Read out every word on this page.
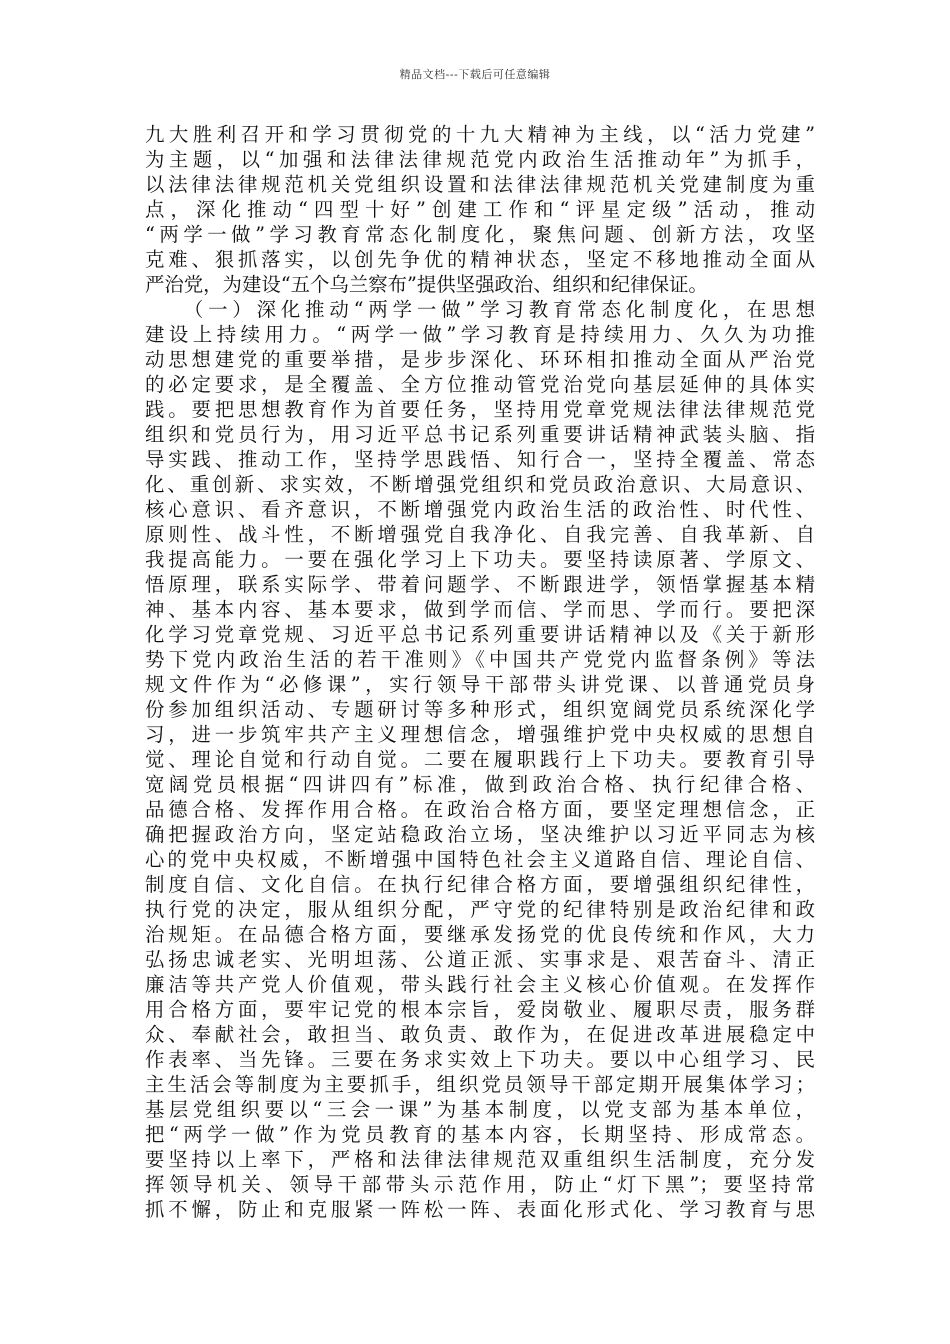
精品文档---下载后可任意编辑
九大胜利召开和学习贯彻党的十九大精神为主线，以“活力党建”
为主题，以“加强和法律法律规范党内政治生活推动年”为抓手，
以法律法律规范机关党组织设置和法律法律规范机关党建制度为重
点，深化推动“四型十好”创建工作和“评星定级”活动，推动
“两学一做”学习教育常态化制度化，聚焦问题、创新方法，攻坚
克难、狠抓落实，以创先争优的精神状态，坚定不移地推动全面从
严治党，为建设“五个乌兰察布”提供坚强政治、组织和纪律保证。
　　（一）深化推动“两学一做”学习教育常态化制度化，在思想
建设上持续用力。“两学一做”学习教育是持续用力、久久为功推
动思想建党的重要举措，是步步深化、环环相扣推动全面从严治党
的必定要求，是全覆盖、全方位推动管党治党向基层延伸的具体实
践。要把思想教育作为首要任务，坚持用党章党规法律法律规范党
组织和党员行为，用习近平总书记系列重要讲话精神武装头脑、指
导实践、推动工作，坚持学思践悟、知行合一，坚持全覆盖、常态
化、重创新、求实效，不断增强党组织和党员政治意识、大局意识、
核心意识、看齐意识，不断增强党内政治生活的政治性、时代性、
原则性、战斗性，不断增强党自我净化、自我完善、自我革新、自
我提高能力。一要在强化学习上下功夫。要坚持读原著、学原文、
悟原理，联系实际学、带着问题学、不断跟进学，领悟掌握基本精
神、基本内容、基本要求，做到学而信、学而思、学而行。要把深
化学习党章党规、习近平总书记系列重要讲话精神以及《关于新形
势下党内政治生活的若干准则》《中国共产党党内监督条例》等法
规文件作为“必修课”，实行领导干部带头讲党课、以普通党员身
份参加组织活动、专题研讨等多种形式，组织宽阔党员系统深化学
习，进一步筑牢共产主义理想信念，增强维护党中央权威的思想自
觉、理论自觉和行动自觉。二要在履职践行上下功夫。要教育引导
宽阔党员根据“四讲四有”标准，做到政治合格、执行纪律合格、
品德合格、发挥作用合格。在政治合格方面，要坚定理想信念，正
确把握政治方向，坚定站稳政治立场，坚决维护以习近平同志为核
心的党中央权威，不断增强中国特色社会主义道路自信、理论自信、
制度自信、文化自信。在执行纪律合格方面，要增强组织纪律性，
执行党的决定，服从组织分配，严守党的纪律特别是政治纪律和政
治规矩。在品德合格方面，要继承发扬党的优良传统和作风，大力
弘扬忠诚老实、光明坦荡、公道正派、实事求是、艰苦奋斗、清正
廉洁等共产党人价值观，带头践行社会主义核心价值观。在发挥作
用合格方面，要牢记党的根本宗旨，爱岗敬业、履职尽责，服务群
众、奉献社会，敢担当、敢负责、敢作为，在促进改革进展稳定中
作表率、当先锋。三要在务求实效上下功夫。要以中心组学习、民
主生活会等制度为主要抓手，组织党员领导干部定期开展集体学习；
基层党组织要以“三会一课”为基本制度，以党支部为基本单位，
把“两学一做”作为党员教育的基本内容，长期坚持、形成常态。
要坚持以上率下，严格和法律法律规范双重组织生活制度，充分发
挥领导机关、领导干部带头示范作用，防止“灯下黑”；要坚持常
抓不懈，防止和克服紧一阵松一阵、表面化形式化、学习教育与思
